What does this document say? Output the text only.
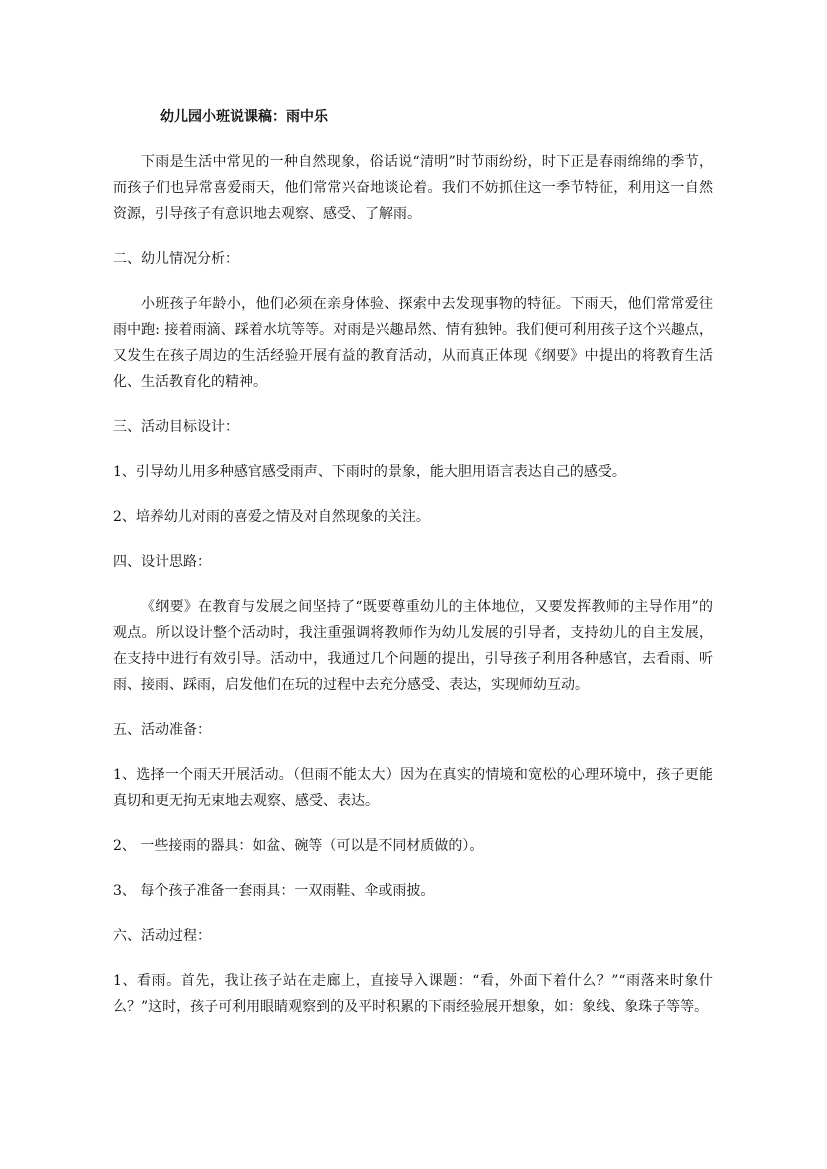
幼儿园小班说课稿：雨中乐

下雨是生活中常见的一种自然现象，俗话说“清明”时节雨纷纷，时下正是春雨绵绵的季节，而孩子们也异常喜爱雨天，他们常常兴奋地谈论着。我们不妨抓住这一季节特征，利用这一自然资源，引导孩子有意识地去观察、感受、了解雨。

二、幼儿情况分析：

小班孩子年龄小，他们必须在亲身体验、探索中去发现事物的特征。下雨天，他们常常爱往雨中跑: 接着雨滴、踩着水坑等等。对雨是兴趣昂然、情有独钟。我们便可利用孩子这个兴趣点，又发生在孩子周边的生活经验开展有益的教育活动，从而真正体现《纲要》中提出的将教育生活化、生活教育化的精神。

三、活动目标设计：

1、引导幼儿用多种感官感受雨声、下雨时的景象，能大胆用语言表达自己的感受。

2、培养幼儿对雨的喜爱之情及对自然现象的关注。

四、设计思路：

《纲要》在教育与发展之间坚持了“既要尊重幼儿的主体地位，又要发挥教师的主导作用”的观点。所以设计整个活动时，我注重强调将教师作为幼儿发展的引导者，支持幼儿的自主发展，在支持中进行有效引导。活动中，我通过几个问题的提出，引导孩子利用各种感官，去看雨、听雨、接雨、踩雨，启发他们在玩的过程中去充分感受、表达，实现师幼互动。

五、活动准备：

1、选择一个雨天开展活动。（但雨不能太大）因为在真实的情境和宽松的心理环境中，孩子更能真切和更无拘无束地去观察、感受、表达。

2、 一些接雨的器具：如盆、碗等（可以是不同材质做的）。

3、 每个孩子准备一套雨具：一双雨鞋、伞或雨披。

六、活动过程：

1、看雨。首先，我让孩子站在走廊上，直接导入课题：“看，外面下着什么？”“雨落来时象什么？”这时，孩子可利用眼睛观察到的及平时积累的下雨经验展开想象，如：象线、象珠子等等。
